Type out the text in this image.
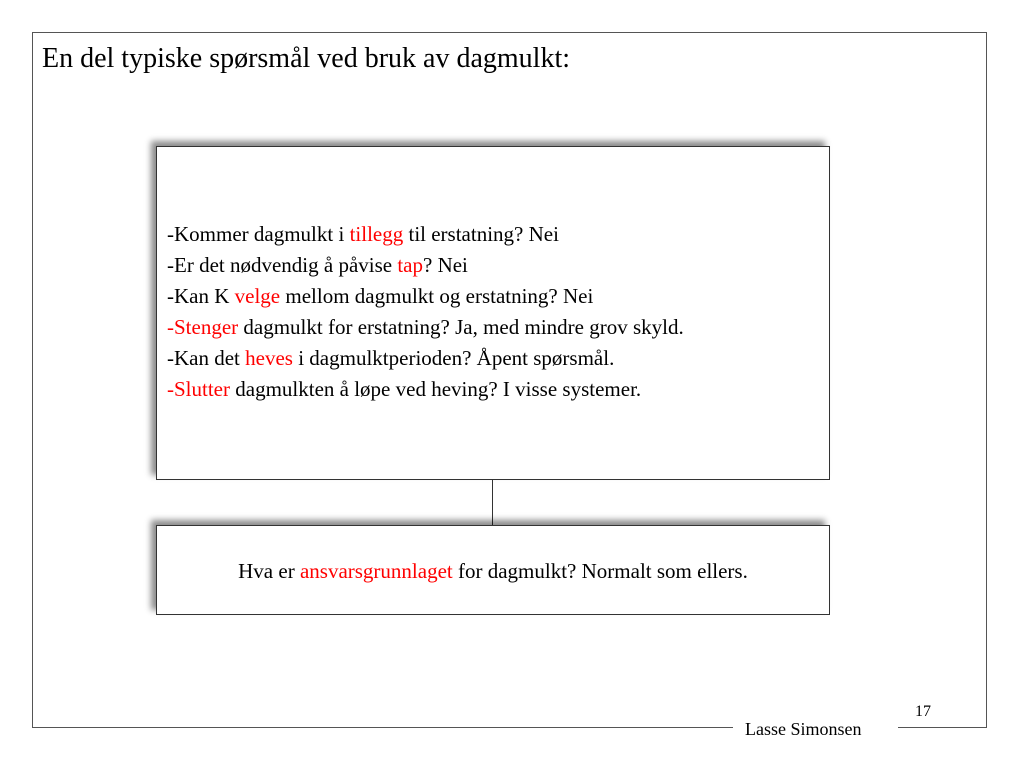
En del typiske spørsmål ved bruk av dagmulkt:
-Kommer dagmulkt i tillegg til erstatning? Nei
-Er det nødvendig å påvise tap? Nei
-Kan K velge mellom dagmulkt og erstatning? Nei
-Stenger dagmulkt for erstatning? Ja, med mindre grov skyld.
-Kan det heves i dagmulktperioden? Åpent spørsmål.
-Slutter dagmulkten å løpe ved heving? I visse systemer.
Hva er ansvarsgrunnlaget for dagmulkt? Normalt som ellers.
Lasse Simonsen
17
